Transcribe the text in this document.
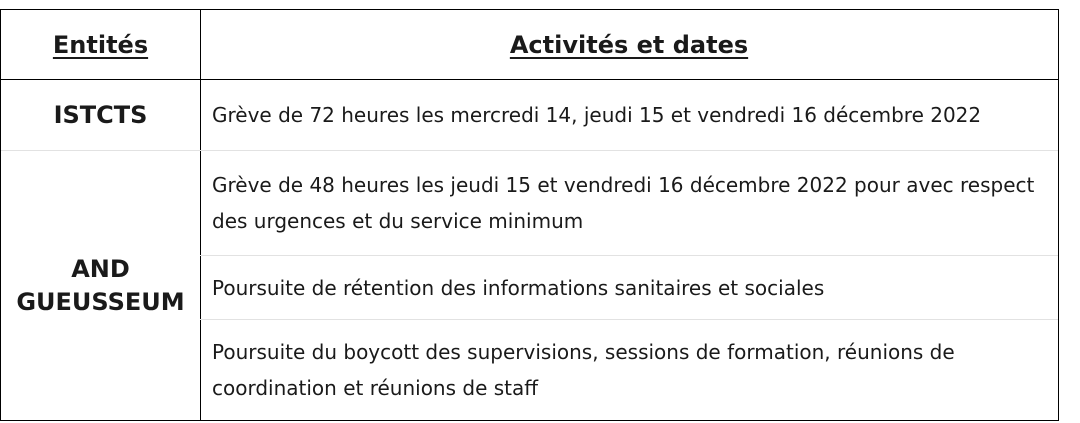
Entités	Activités et dates
ISTCTS	Grève de 72 heures les mercredi 14, jeudi 15 et vendredi 16 décembre 2022
AND
GUEUSSEUM
Grève de 48 heures les jeudi 15 et vendredi 16 décembre 2022 pour avec respect des urgences et du service minimum
Poursuite de rétention des informations sanitaires et sociales
Poursuite du boycott des supervisions, sessions de formation, réunions de coordination et réunions de staff
